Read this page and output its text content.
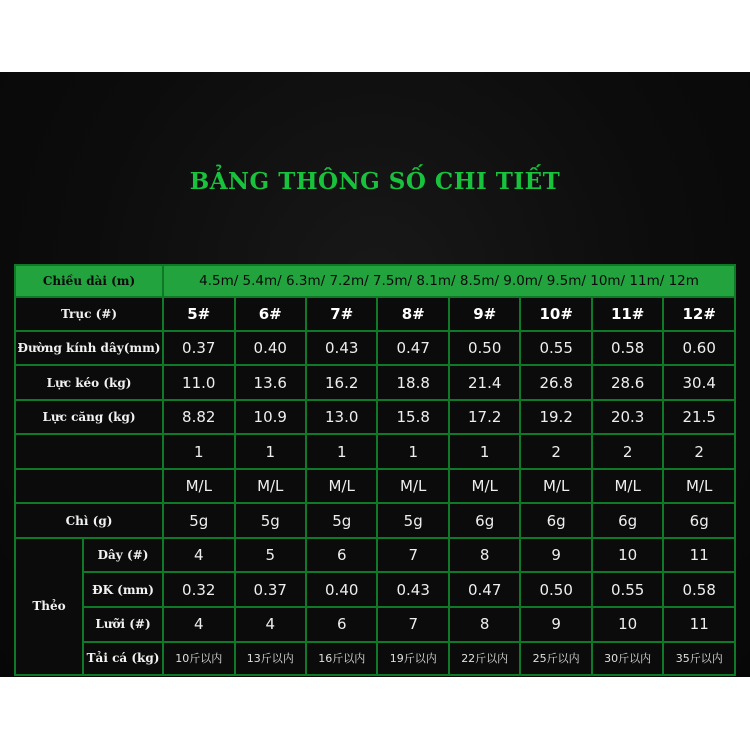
BẢNG THÔNG SỐ CHI TIẾT
Chiều dài (m)		4.5m/ 5.4m/ 6.3m/ 7.2m/ 7.5m/ 8.1m/ 8.5m/ 9.0m/ 9.5m/ 10m/ 11m/ 12m							
Trục (#)		5#	6#	7#	8#	9#	10#	11#	12#
Đường kính dây(mm)		0.37	0.40	0.43	0.47	0.50	0.55	0.58	0.60
Lực kéo (kg)		11.0	13.6	16.2	18.8	21.4	26.8	28.6	30.4
Lực căng (kg)		8.82	10.9	13.0	15.8	17.2	19.2	20.3	21.5
		1	1	1	1	1	2	2	2
		M/L	M/L	M/L	M/L	M/L	M/L	M/L	M/L
Chì (g)		5g	5g	5g	5g	6g	6g	6g	6g
Thẻo	Dây (#)	4	5	6	7	8	9	10	11
	ĐK (mm)	0.32	0.37	0.40	0.43	0.47	0.50	0.55	0.58
	Lưỡi (#)	4	4	6	7	8	9	10	11
	Tải cá (kg)	10斤以内	13斤以内	16斤以内	19斤以内	22斤以内	25斤以内	30斤以内	35斤以内
